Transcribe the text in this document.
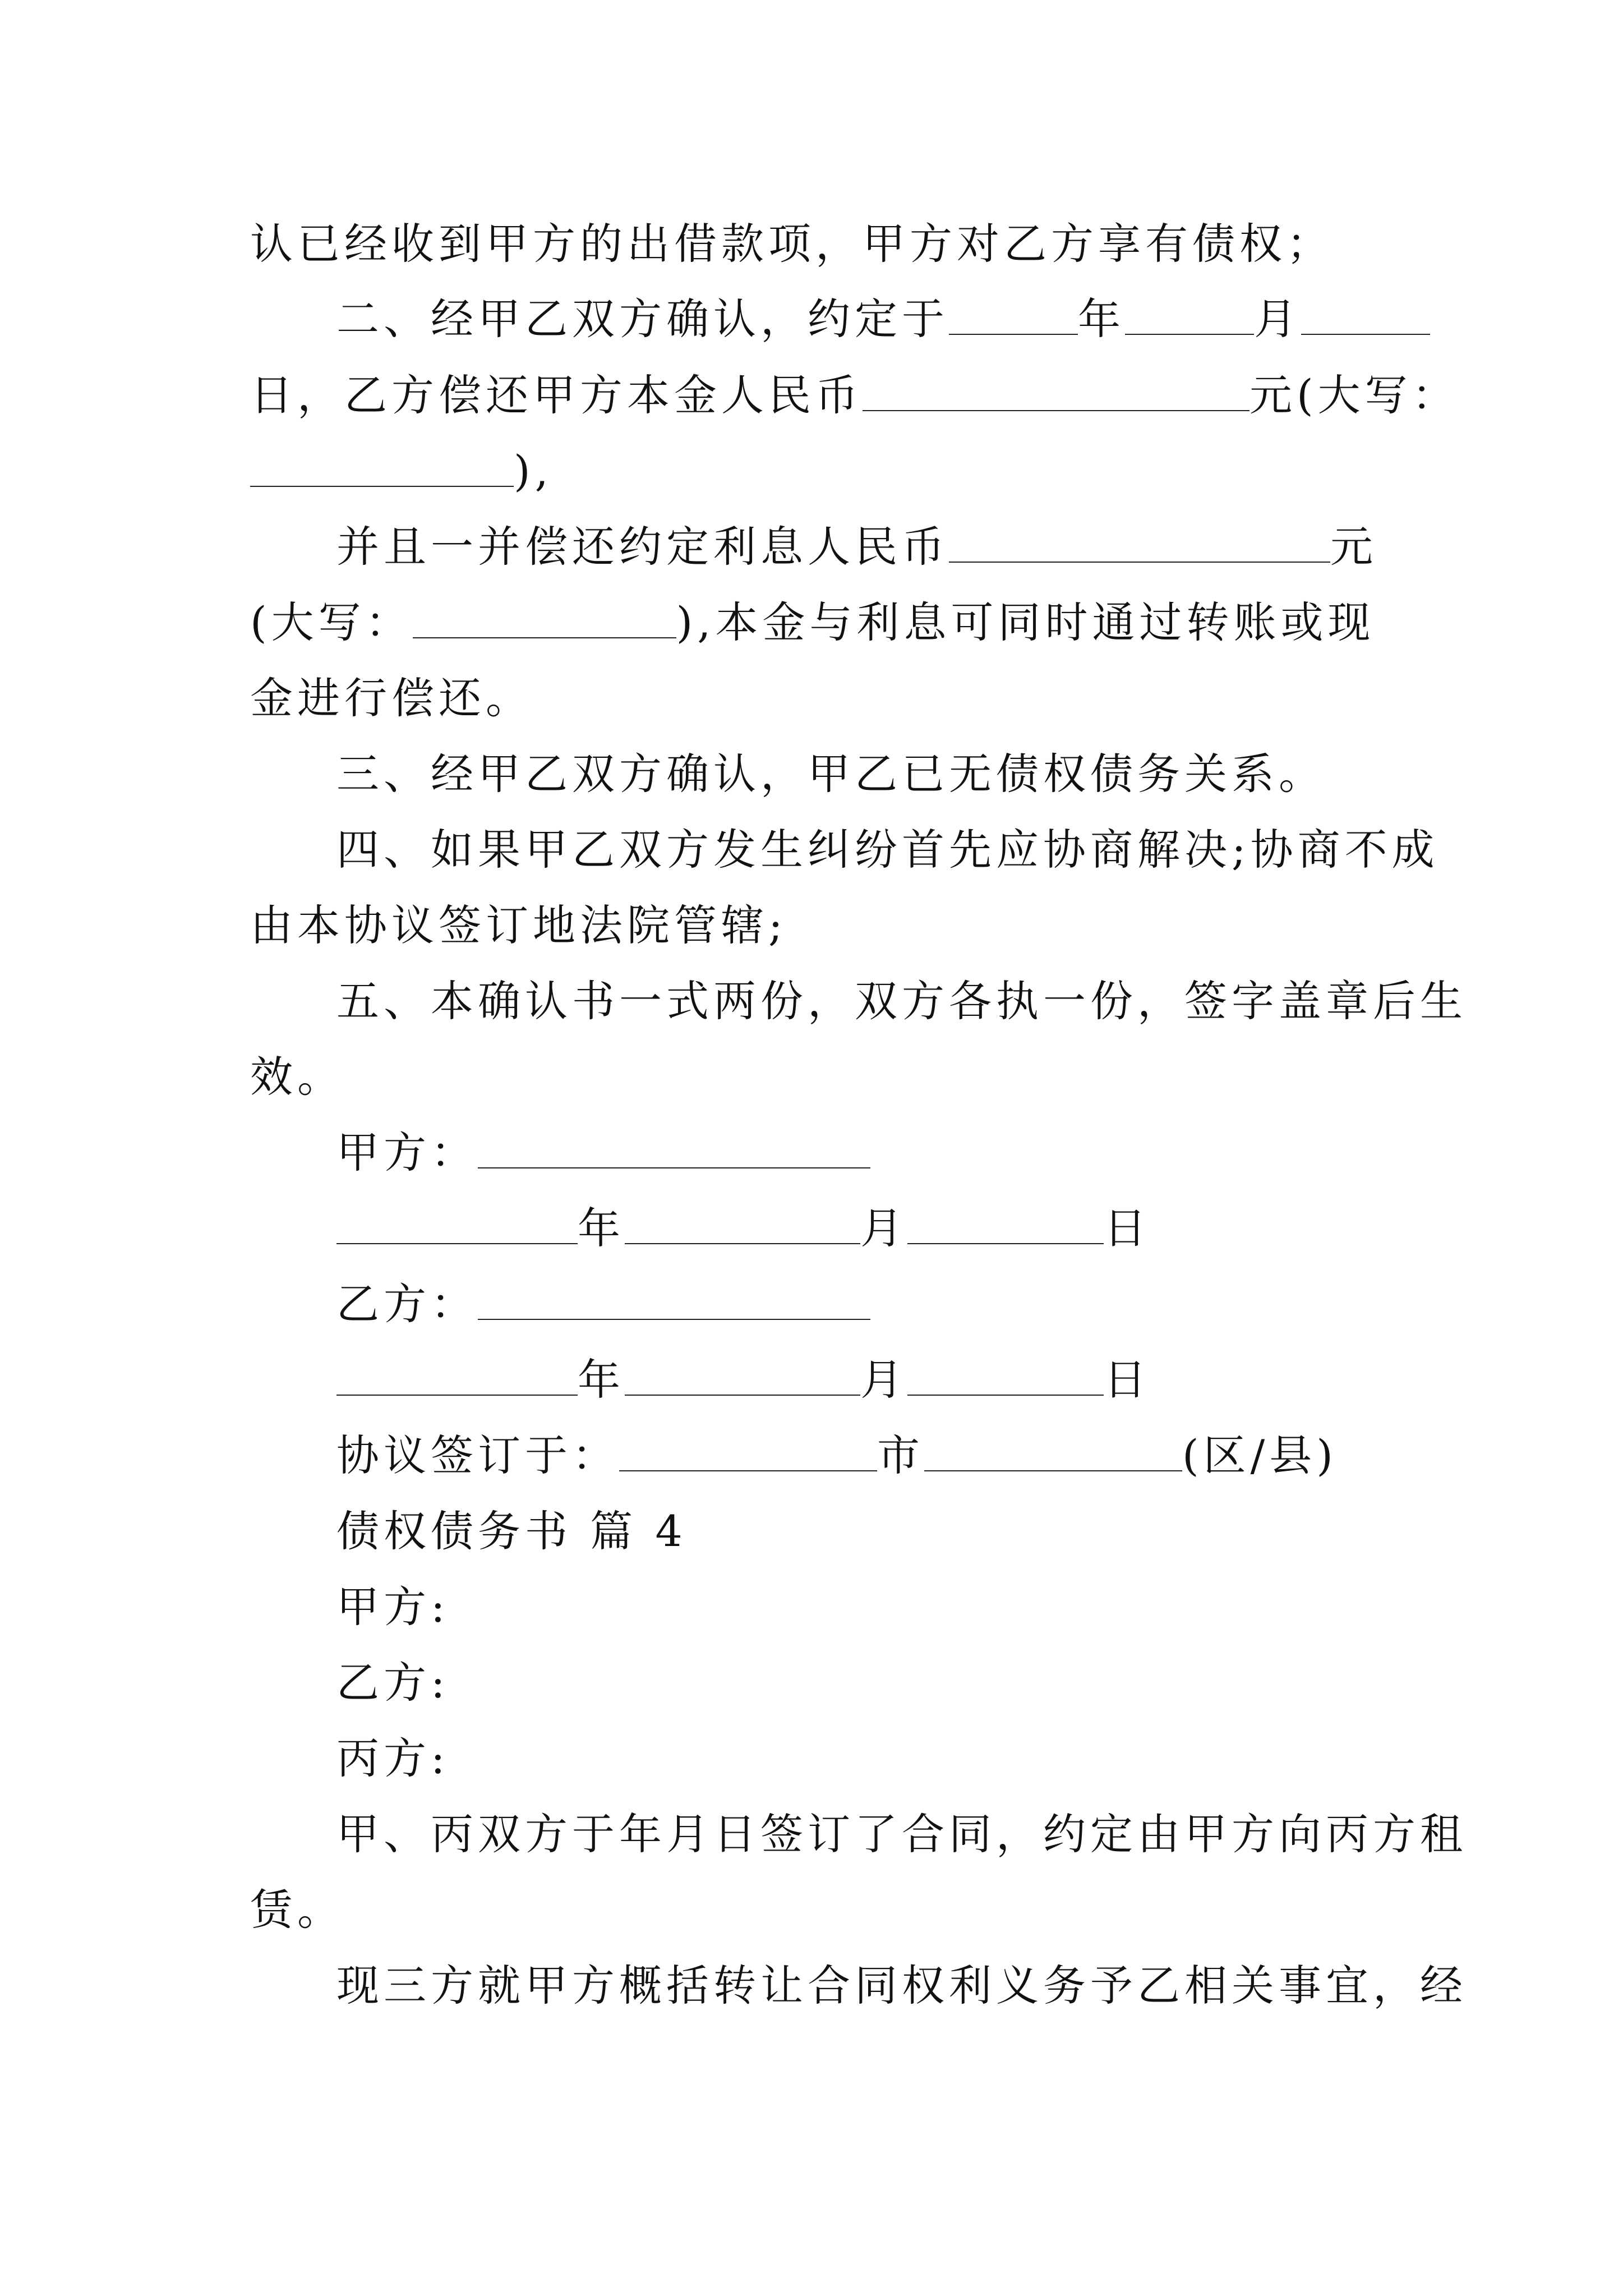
认已经收到甲方的出借款项，甲方对乙方享有债权；
二、经甲乙双方确认，约定于	年	月
日，乙方偿还甲方本金人民币	元(大写：
),
并且一并偿还约定利息人民币	元
(大写：	),本金与利息可同时通过转账或现
金进行偿还。
三、经甲乙双方确认，甲乙已无债权债务关系。
四、如果甲乙双方发生纠纷首先应协商解决;协商不成
由本协议签订地法院管辖;
五、本确认书一式两份，双方各执一份，签字盖章后生
效。
甲方：
年	月	日
乙方：
年	月	日
协议签订于：	市	(区/县)
债权债务书 篇 4
甲方:
乙方:
丙方:
甲、丙双方于年月日签订了合同，约定由甲方向丙方租
赁。
现三方就甲方概括转让合同权利义务予乙相关事宜，经
